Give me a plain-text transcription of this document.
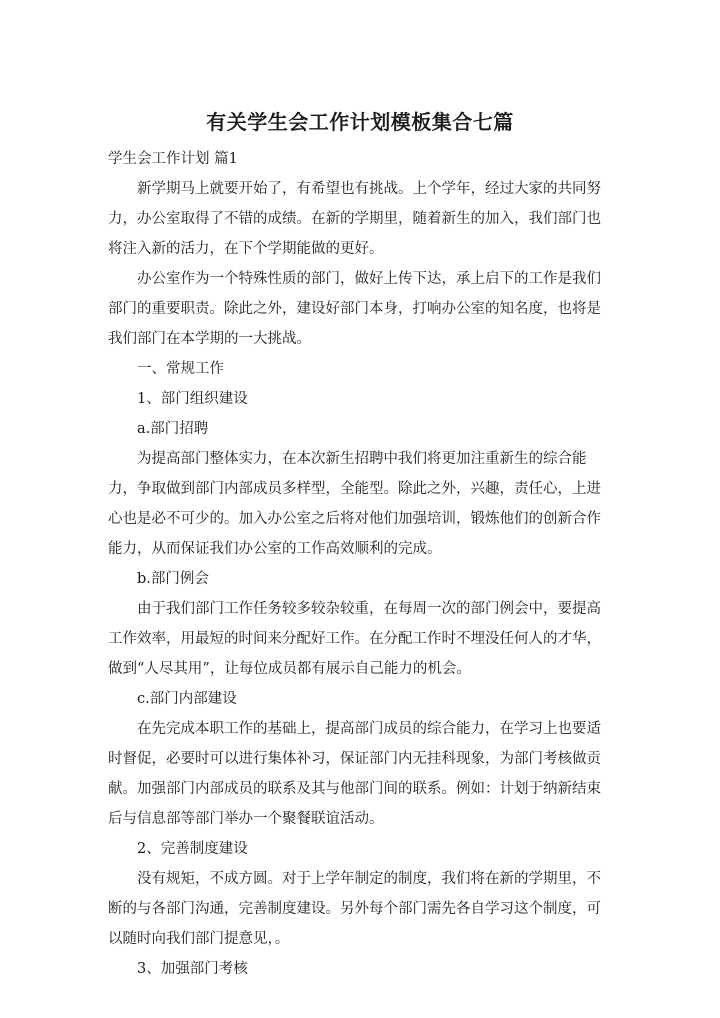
有关学生会工作计划模板集合七篇

学生会工作计划 篇1

新学期马上就要开始了，有希望也有挑战。上个学年，经过大家的共同努力，办公室取得了不错的成绩。在新的学期里，随着新生的加入，我们部门也将注入新的活力，在下个学期能做的更好。

办公室作为一个特殊性质的部门，做好上传下达，承上启下的工作是我们部门的重要职责。除此之外，建设好部门本身，打响办公室的知名度，也将是我们部门在本学期的一大挑战。

一、常规工作

1、部门组织建设

a.部门招聘

为提高部门整体实力，在本次新生招聘中我们将更加注重新生的综合能力，争取做到部门内部成员多样型，全能型。除此之外，兴趣，责任心，上进心也是必不可少的。加入办公室之后将对他们加强培训，锻炼他们的创新合作能力，从而保证我们办公室的工作高效顺利的完成。

b.部门例会

由于我们部门工作任务较多较杂较重，在每周一次的部门例会中，要提高工作效率，用最短的时间来分配好工作。在分配工作时不埋没任何人的才华，做到“人尽其用”，让每位成员都有展示自己能力的机会。

c.部门内部建设

在先完成本职工作的基础上，提高部门成员的综合能力，在学习上也要适时督促，必要时可以进行集体补习，保证部门内无挂科现象，为部门考核做贡献。加强部门内部成员的联系及其与他部门间的联系。例如：计划于纳新结束后与信息部等部门举办一个聚餐联谊活动。

2、完善制度建设

没有规矩，不成方圆。对于上学年制定的制度，我们将在新的学期里，不断的与各部门沟通，完善制度建设。另外每个部门需先各自学习这个制度，可以随时向我们部门提意见，。

3、加强部门考核
